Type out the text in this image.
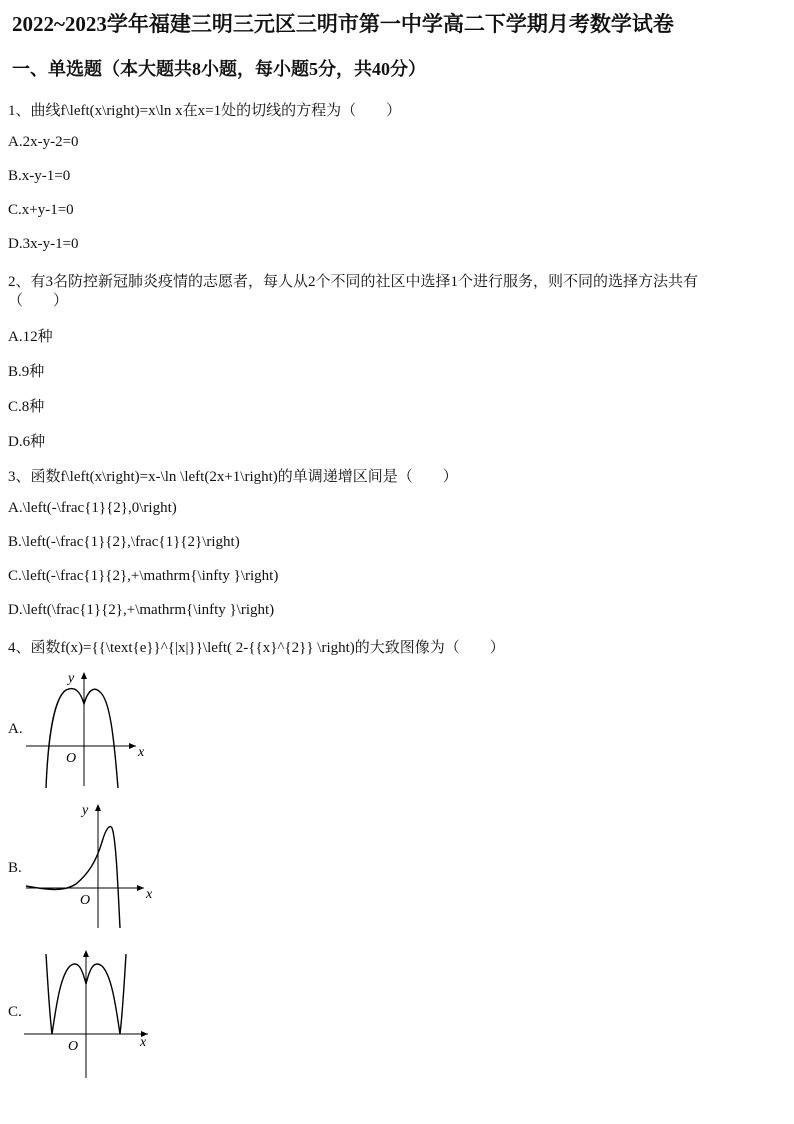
2022~2023学年福建三明三元区三明市第一中学高二下学期月考数学试卷
一、单选题（本大题共8小题，每小题5分，共40分）
1、曲线f\left(x\right)=x\ln x在x=1处的切线的方程为（　　）
A.2x-y-2=0
B.x-y-1=0
C.x+y-1=0
D.3x-y-1=0
2、有3名防控新冠肺炎疫情的志愿者，每人从2个不同的社区中选择1个进行服务，则不同的选择方法共有
（　　）
A.12种
B.9种
C.8种
D.6种
3、函数f\left(x\right)=x-\ln \left(2x+1\right)的单调递增区间是（　　）
A.\left(-\frac{1}{2},0\right)
B.\left(-\frac{1}{2},\frac{1}{2}\right)
C.\left(-\frac{1}{2},+\mathrm{\infty }\right)
D.\left(\frac{1}{2},+\mathrm{\infty }\right)
4、函数f(x)={{\text{e}}^{|x|}}\left( 2-{{x}^{2}} \right)的大致图像为（　　）
A.
x
y
O
B.
x
y
O
C.
x
O
